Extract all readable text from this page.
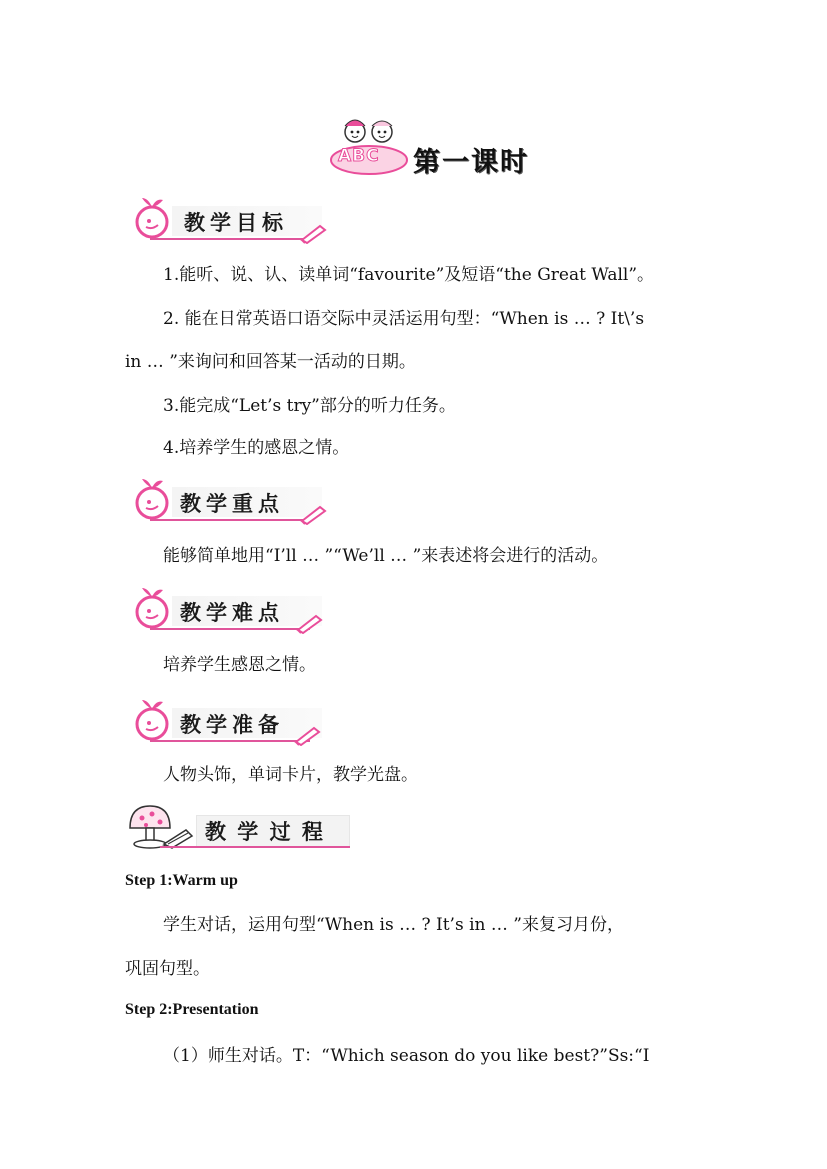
ABC 第一课时
教学目标
1.能听、说、认、读单词“favourite”及短语“the Great Wall”。
2. 能在日常英语口语交际中灵活运用句型：“When is … ? It\’s
in … ”来询问和回答某一活动的日期。
3.能完成“Let’s try”部分的听力任务。
4.培养学生的感恩之情。
教学重点
能够简单地用“I’ll … ”“We’ll … ”来表述将会进行的活动。
教学难点
培养学生感恩之情。
教学准备
人物头饰，单词卡片，教学光盘。
教 学 过 程
Step 1:Warm up
学生对话，运用句型“When is … ? It’s in … ”来复习月份，
巩固句型。
Step 2:Presentation
（1）师生对话。T：“Which season do you like best?”Ss:“I
